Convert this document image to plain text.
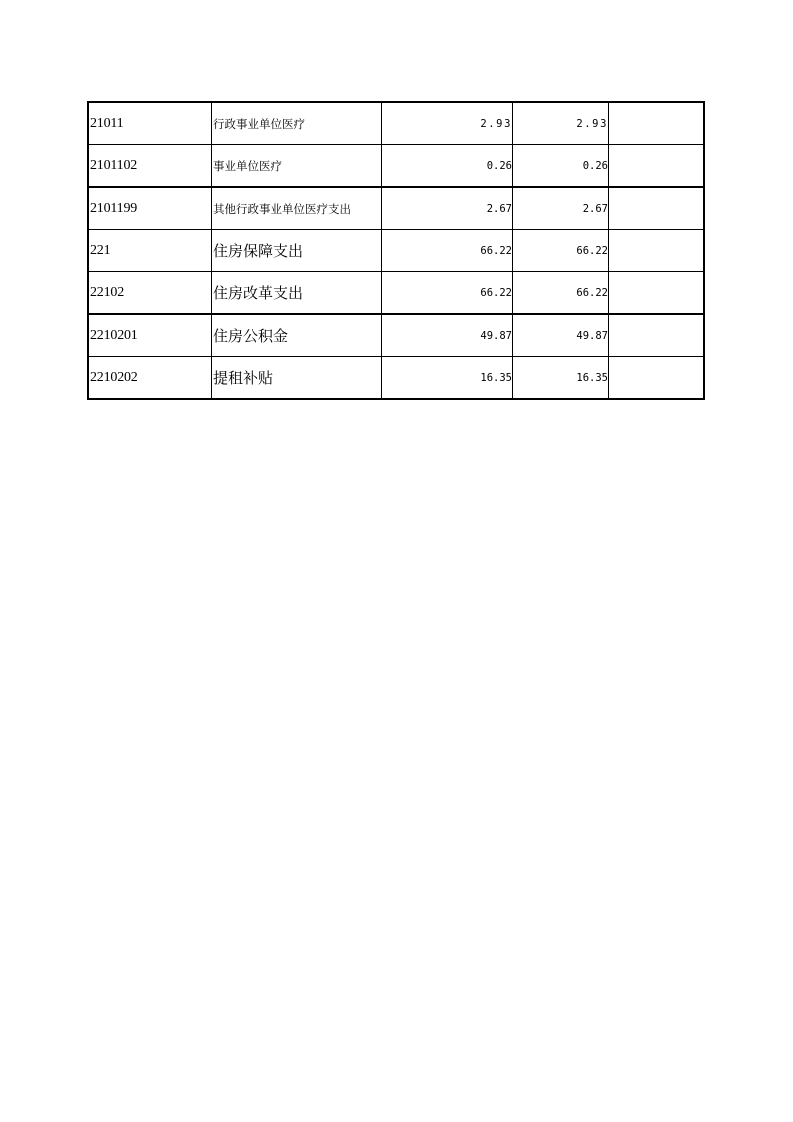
21011	行政事业单位医疗	2.93	2.93	
2101102	事业单位医疗	0.26	0.26	
2101199	其他行政事业单位医疗支出	2.67	2.67	
221	住房保障支出	66.22	66.22	
22102	住房改革支出	66.22	66.22	
2210201	住房公积金	49.87	49.87	
2210202	提租补贴	16.35	16.35	
